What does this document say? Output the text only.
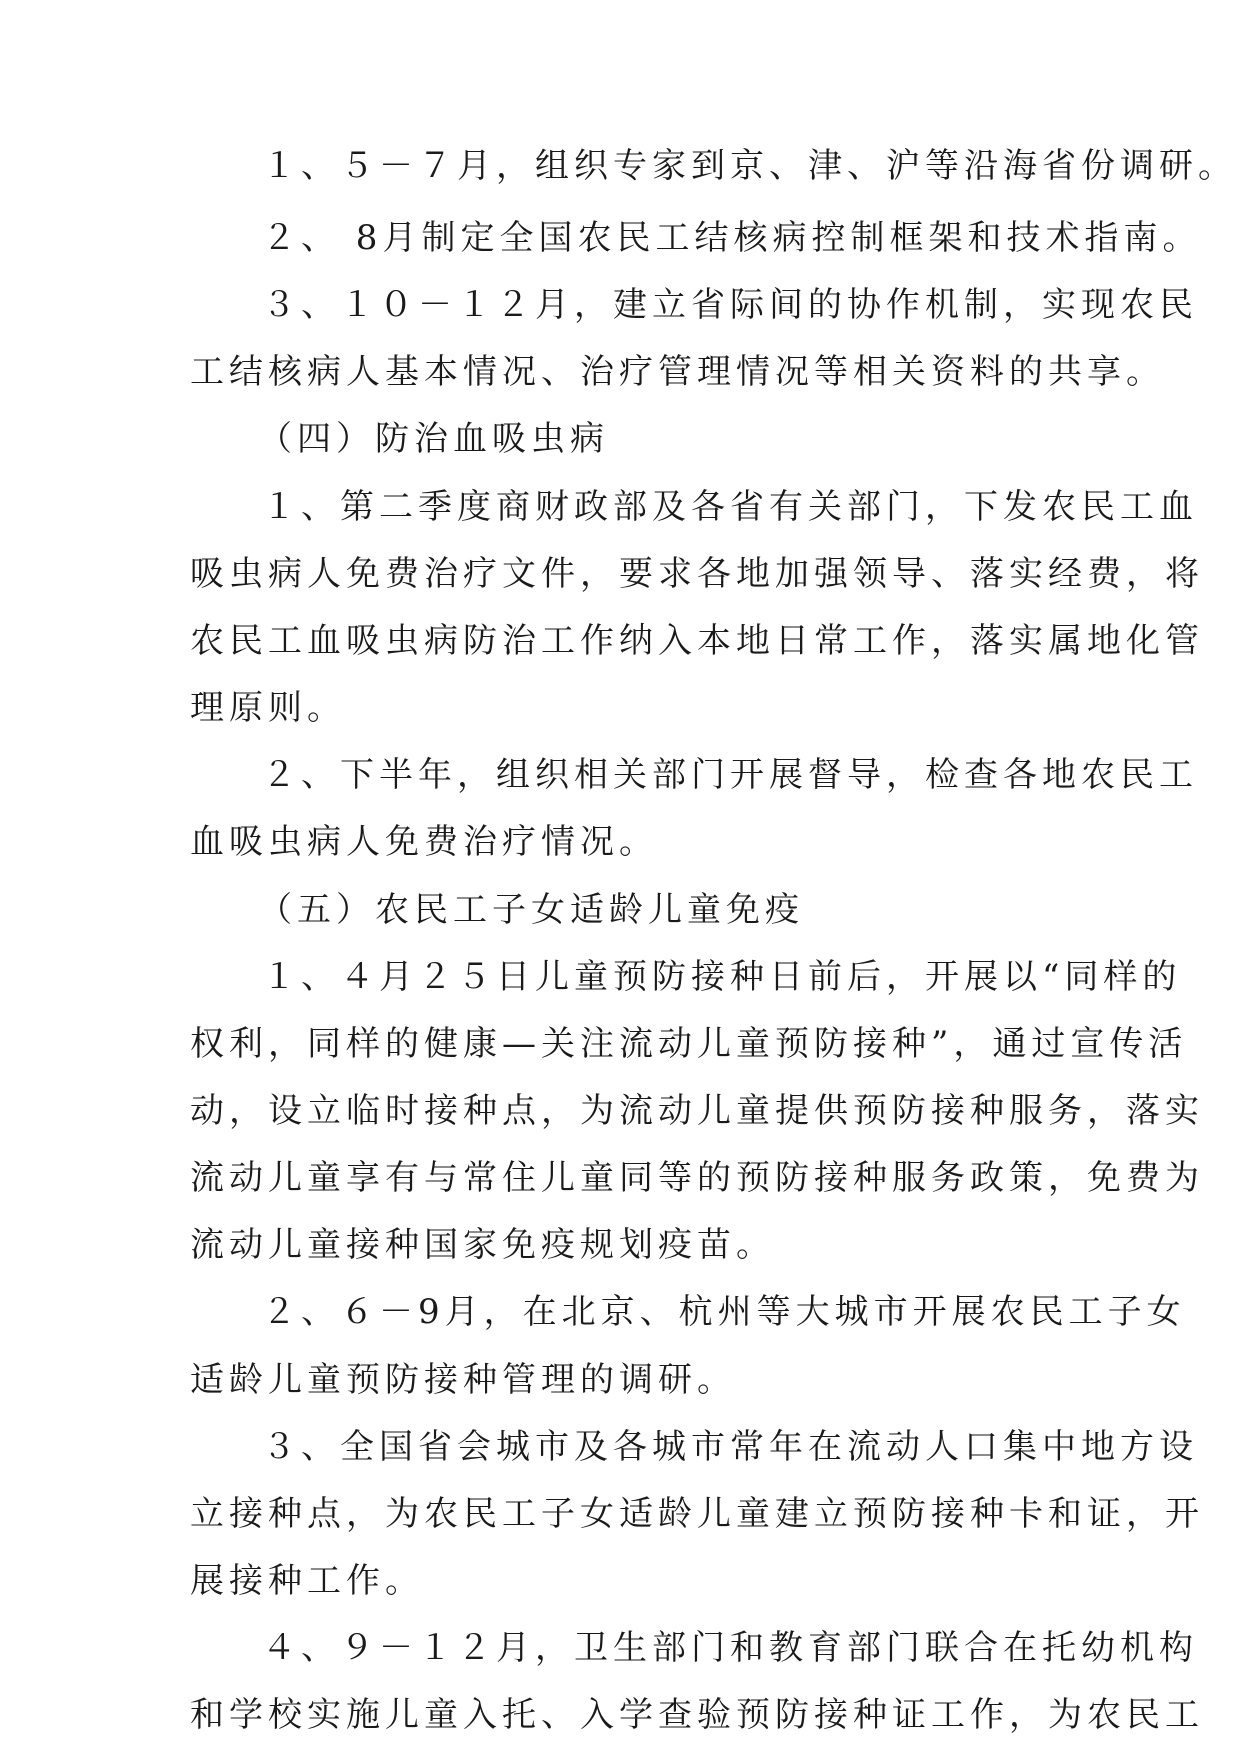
１、５－７月，组织专家到京、津、沪等沿海省份调研。
２、 8月制定全国农民工结核病控制框架和技术指南。
３、１０－１２月，建立省际间的协作机制，实现农民
工结核病人基本情况、治疗管理情况等相关资料的共享。
（四）防治血吸虫病
１、第二季度商财政部及各省有关部门，下发农民工血
吸虫病人免费治疗文件，要求各地加强领导、落实经费，将
农民工血吸虫病防治工作纳入本地日常工作，落实属地化管
理原则。
２、下半年，组织相关部门开展督导，检查各地农民工
血吸虫病人免费治疗情况。
（五）农民工子女适龄儿童免疫
１、４月２５日儿童预防接种日前后，开展以“同样的
权利，同样的健康—关注流动儿童预防接种”，通过宣传活
动，设立临时接种点，为流动儿童提供预防接种服务，落实
流动儿童享有与常住儿童同等的预防接种服务政策，免费为
流动儿童接种国家免疫规划疫苗。
２、６－9月，在北京、杭州等大城市开展农民工子女
适龄儿童预防接种管理的调研。
３、全国省会城市及各城市常年在流动人口集中地方设
立接种点，为农民工子女适龄儿童建立预防接种卡和证，开
展接种工作。
４、９－１２月，卫生部门和教育部门联合在托幼机构
和学校实施儿童入托、入学查验预防接种证工作，为农民工
